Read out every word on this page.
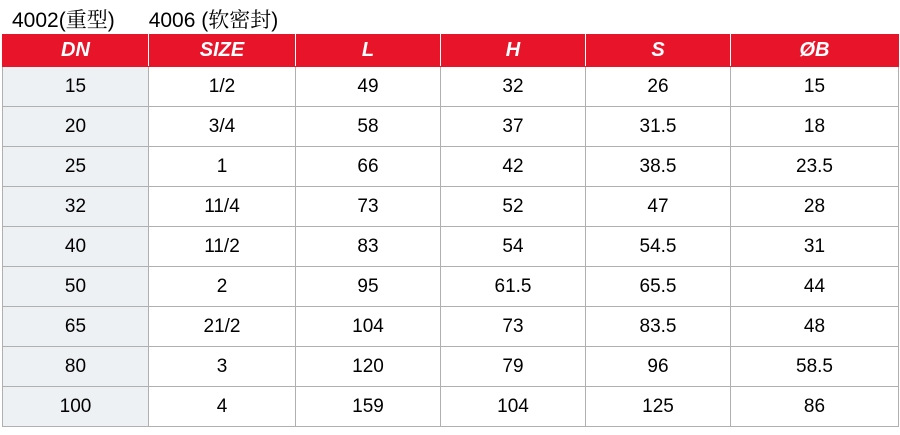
4002(重型) 4006 (软密封)
DN	SIZE	L	H	S	ØB
15	1/2	49	32	26	15
20	3/4	58	37	31.5	18
25	1	66	42	38.5	23.5
32	11/4	73	52	47	28
40	11/2	83	54	54.5	31
50	2	95	61.5	65.5	44
65	21/2	104	73	83.5	48
80	3	120	79	96	58.5
100	4	159	104	125	86
